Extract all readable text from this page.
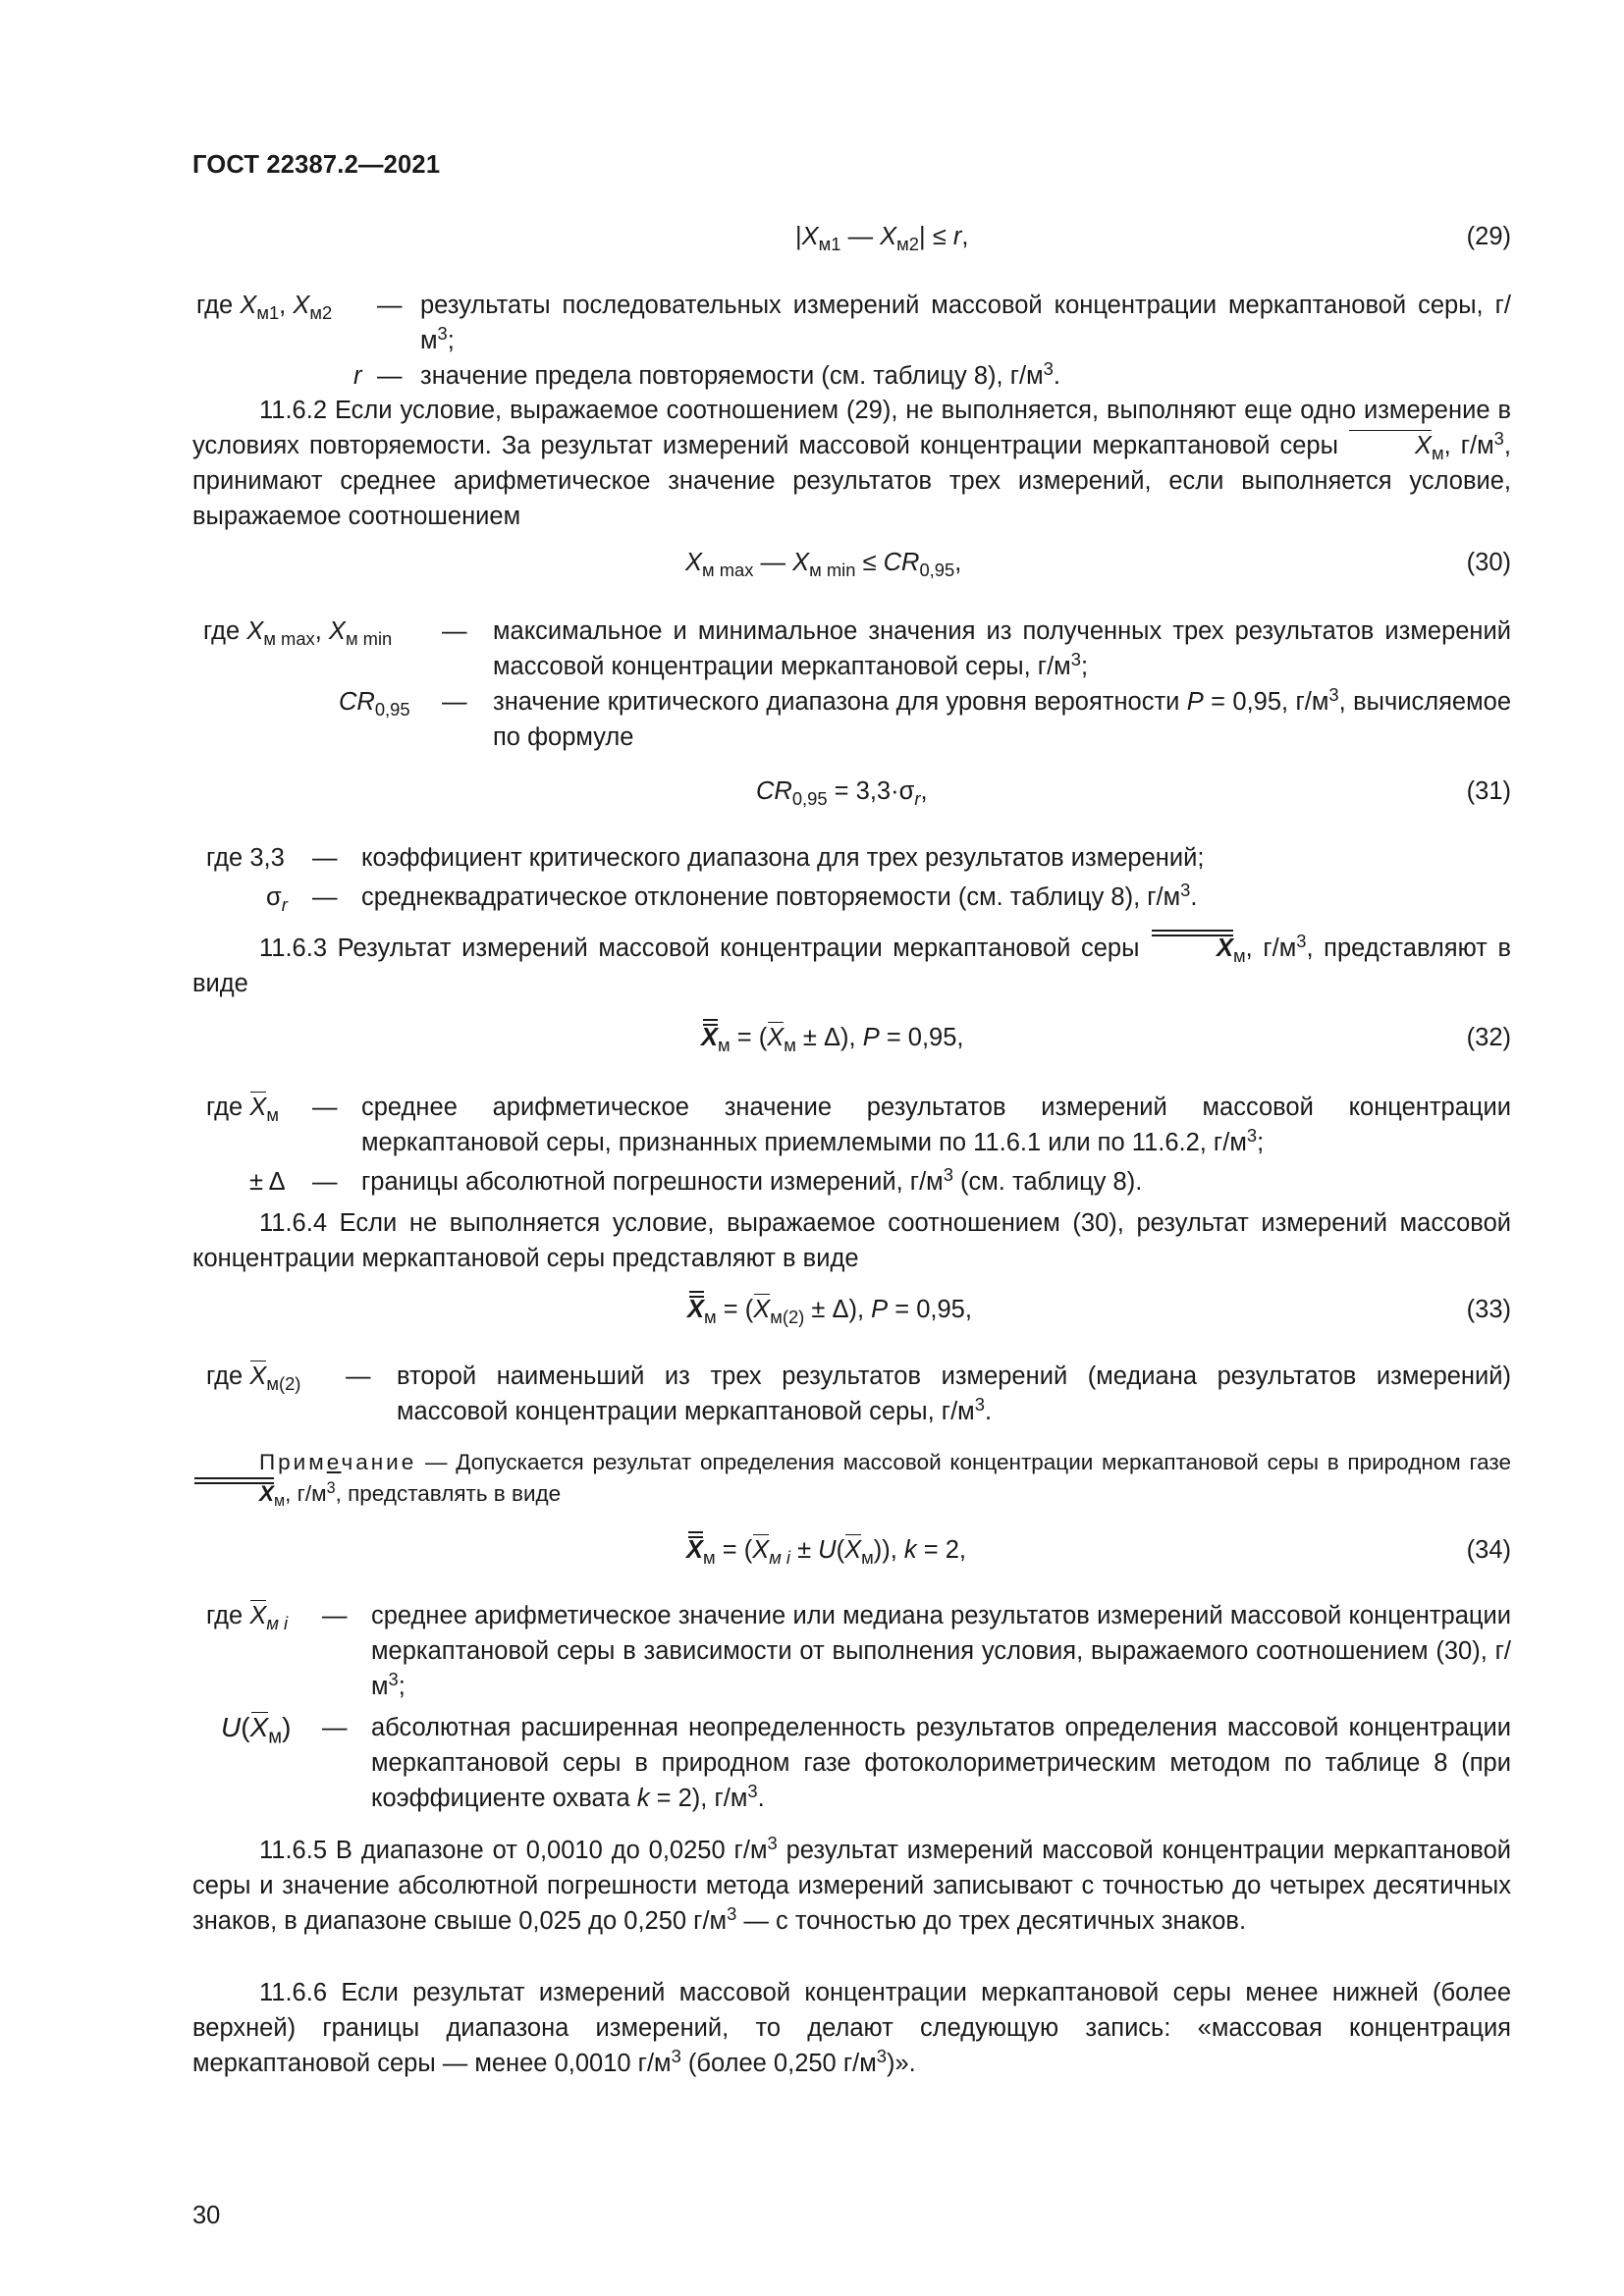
ГОСТ 22387.2—2021
$|X_{м1}$ — $X_{м2}| \le r$,	(29)
где $X_{м1}$, $X_{м2}$ — результаты последовательных измерений массовой концентрации меркаптановой серы, $г/м^3$;
r — значение предела повторяемости (см. таблицу 8), $г/м^3$.
11.6.2 Если условие, выражаемое соотношением (29), не выполняется, выполняют еще одно измерение в условиях повторяемости. За результат измерений массовой концентрации меркаптановой серы	$X_м$, $г/м^3$, принимают среднее арифметическое значение результатов трех измерений, если выполняется условие, выражаемое соотношением
$X_{м max}$ — $X_{м min} \le CR_{0,95}$,	(30)
где $X_{м max}$, $X_{м min}$ — максимальное и минимальное значения из полученных трех результатов измерений массовой концентрации меркаптановой серы, $г/м^3$;
$CR_{0,95}$ — значение критического диапазона для уровня вероятности P = 0,95, $г/м^3$, вычисляемое по формуле
$CR_{0,95} = 3,3\cdot\sigma_r$,	(31)
где 3,3 — коэффициент критического диапазона для трех результатов измерений;
$\sigma_r$ — среднеквадратическое отклонение повторяемости (см. таблицу 8), $г/м^3$.
11.6.3 Результат измерений массовой концентрации меркаптановой серы	$X_м$, $г/м^3$, представляют в виде
$X_м = (X_м \pm \Delta)$, P = 0,95,	(32)
где $X_м$ — среднее арифметическое значение результатов измерений массовой концентрации меркаптановой серы, признанных приемлемыми по 11.6.1 или по 11.6.2, $г/м^3$;
± Δ — границы абсолютной погрешности измерений, $г/м^3$ (см. таблицу 8).
11.6.4 Если не выполняется условие, выражаемое соотношением (30), результат измерений массовой концентрации меркаптановой серы представляют в виде
$X_м = (X_{м(2)} \pm \Delta)$, P = 0,95,	(33)
где $X_{м(2)}$ — второй наименьший из трех результатов измерений (медиана результатов измерений) массовой концентрации меркаптановой серы, $г/м^3$.
Примечание — Допускается результат определения массовой концентрации меркаптановой серы в природном газе $X_м$, $г/м^3$, представлять в виде
$X_м = (X_{м i} \pm U(X_м))$, k = 2,	(34)
где $X_{м i}$ — среднее арифметическое значение или медиана результатов измерений массовой концентрации меркаптановой серы в зависимости от выполнения условия, выражаемого соотношением (30), $г/м^3$;
$U(X_м)$ — абсолютная расширенная неопределенность результатов определения массовой концентрации меркаптановой серы в природном газе фотоколориметрическим методом по таблице 8 (при коэффициенте охвата k = 2), $г/м^3$.
11.6.5 В диапазоне от 0,0010 до 0,0250 $г/м^3$ результат измерений массовой концентрации меркаптановой серы и значение абсолютной погрешности метода измерений записывают с точностью до четырех десятичных знаков, в диапазоне свыше 0,025 до 0,250 $г/м^3$ — с точностью до трех десятичных знаков.
11.6.6 Если результат измерений массовой концентрации меркаптановой серы менее нижней (более верхней) границы диапазона измерений, то делают следующую запись: «массовая концентрация меркаптановой серы — менее 0,0010 $г/м^3$ (более 0,250 $г/м^3$)».
30
